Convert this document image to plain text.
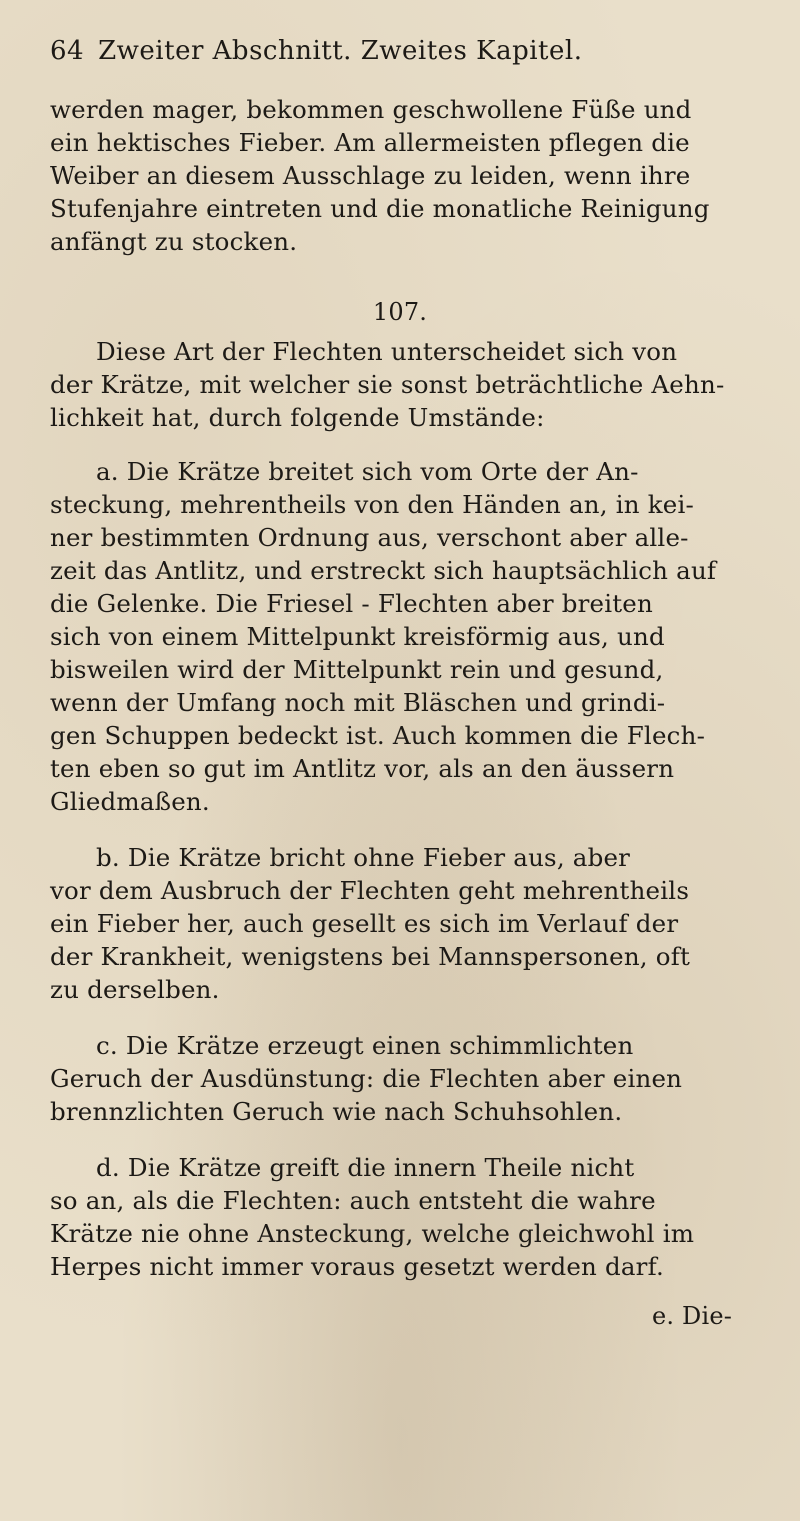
64 Zweiter Abschnitt. Zweites Kapitel.
werden mager, bekommen geschwollene Füße und
ein hektisches Fieber. Am allermeisten pflegen die
Weiber an diesem Ausschlage zu leiden, wenn ihre
Stufenjahre eintreten und die monatliche Reinigung
anfängt zu stocken.
107.
Diese Art der Flechten unterscheidet sich von
der Krätze, mit welcher sie sonst beträchtliche Aehn-
lichkeit hat, durch folgende Umstände:
a. Die Krätze breitet sich vom Orte der An-
steckung, mehrentheils von den Händen an, in kei-
ner bestimmten Ordnung aus, verschont aber alle-
zeit das Antlitz, und erstreckt sich hauptsächlich auf
die Gelenke. Die Friesel - Flechten aber breiten
sich von einem Mittelpunkt kreisförmig aus, und
bisweilen wird der Mittelpunkt rein und gesund,
wenn der Umfang noch mit Bläschen und grindi-
gen Schuppen bedeckt ist. Auch kommen die Flech-
ten eben so gut im Antlitz vor, als an den äussern
Gliedmaßen.
b. Die Krätze bricht ohne Fieber aus, aber
vor dem Ausbruch der Flechten geht mehrentheils
ein Fieber her, auch gesellt es sich im Verlauf der
der Krankheit, wenigstens bei Mannspersonen, oft
zu derselben.
c. Die Krätze erzeugt einen schimmlichten
Geruch der Ausdünstung: die Flechten aber einen
brennzlichten Geruch wie nach Schuhsohlen.
d. Die Krätze greift die innern Theile nicht
so an, als die Flechten: auch entsteht die wahre
Krätze nie ohne Ansteckung, welche gleichwohl im
Herpes nicht immer voraus gesetzt werden darf.
e. Die-
